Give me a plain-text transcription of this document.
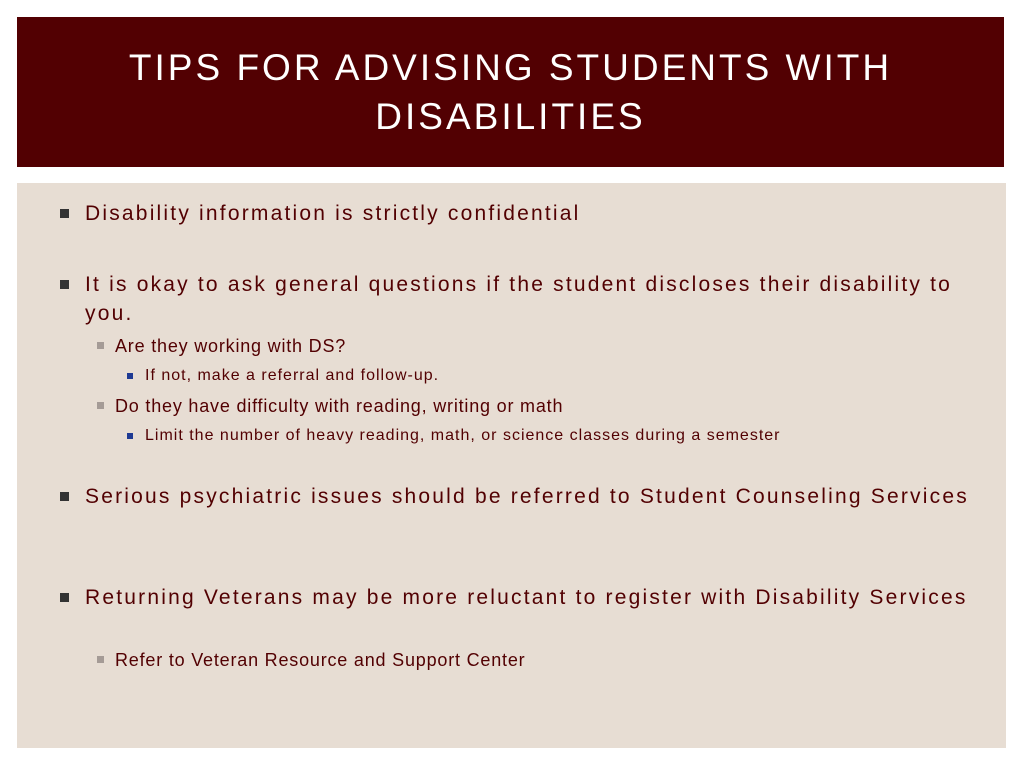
TIPS FOR ADVISING STUDENTS WITH DISABILITIES
Disability information is strictly confidential
It is okay to ask general questions if the student discloses their disability to you.
Are they working with DS?
If not, make a referral and follow-up.
Do they have difficulty with reading, writing or math
Limit the number of heavy reading, math, or science classes during a semester
Serious psychiatric issues should be referred to Student Counseling Services
Returning Veterans may be more reluctant to register with Disability Services
Refer to Veteran Resource and Support Center
